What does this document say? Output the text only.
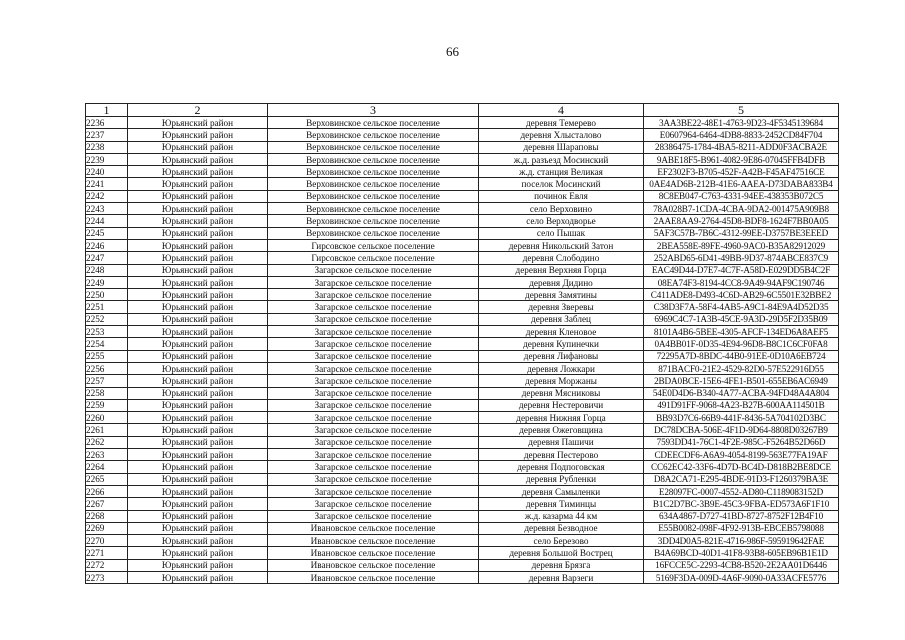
66
1	2	3	4	5
2236	Юрьянский район	Верховинское сельское поселение	деревня Темерево	3AA3BE22-48E1-4763-9D23-4F5345139684
2237	Юрьянский район	Верховинское сельское поселение	деревня Хлысталово	E0607964-6464-4DB8-8833-2452CD84F704
2238	Юрьянский район	Верховинское сельское поселение	деревня Шараповы	28386475-1784-4BA5-8211-ADD0F3ACBA2E
2239	Юрьянский район	Верховинское сельское поселение	ж.д. разъезд Мосинский	9ABE18F5-B961-4082-9E86-07045FFB4DFB
2240	Юрьянский район	Верховинское сельское поселение	ж.д. станция Великая	EF2302F3-B705-452F-A42B-F45AF47516CE
2241	Юрьянский район	Верховинское сельское поселение	поселок Мосинский	0AE4AD6B-212B-41E6-AAEA-D73DABA833B4
2242	Юрьянский район	Верховинское сельское поселение	починок Евля	8C8EB047-C763-4331-94EE-438353B072C5
2243	Юрьянский район	Верховинское сельское поселение	село Верховино	78A028B7-1CDA-4CBA-9DA2-001475A909B8
2244	Юрьянский район	Верховинское сельское поселение	село Верходворье	2AAE8AA9-2764-45D8-BDF8-1624F7BB0A05
2245	Юрьянский район	Верховинское сельское поселение	село Пышак	5AF3C57B-7B6C-4312-99EE-D3757BE3EEED
2246	Юрьянский район	Гирсовское сельское поселение	деревня Никольский Затон	2BEA558E-89FE-4960-9AC0-B35A82912029
2247	Юрьянский район	Гирсовское сельское поселение	деревня Слободино	252ABD65-6D41-49BB-9D37-874ABCE837C9
2248	Юрьянский район	Загарское сельское поселение	деревня Верхняя Горца	EAC49D44-D7E7-4C7F-A58D-E029DD5B4C2F
2249	Юрьянский район	Загарское сельское поселение	деревня Дидино	08EA74F3-8194-4CC8-9A49-94AF9C190746
2250	Юрьянский район	Загарское сельское поселение	деревня Замятины	C411ADE8-D493-4C6D-AB29-6C5501E32BBE2
2251	Юрьянский район	Загарское сельское поселение	деревня Зверевы	C38D3F7A-58F4-4AB5-A9C1-84E9A4D52D35
2252	Юрьянский район	Загарское сельское поселение	деревня Заблец	6969C4C7-1A3B-45CE-9A3D-29D5F2D35B09
2253	Юрьянский район	Загарское сельское поселение	деревня Кленовое	8101A4B6-5BEE-4305-AFCF-134ED6A8AEF5
2254	Юрьянский район	Загарское сельское поселение	деревня Купинечки	0A4BB01F-0D35-4E94-96D8-B8C1C6CF0FA8
2255	Юрьянский район	Загарское сельское поселение	деревня Лифановы	72295A7D-8BDC-44B0-91EE-0D10A6EB724
2256	Юрьянский район	Загарское сельское поселение	деревня Ложкари	871BACF0-21E2-4529-82D0-57E522916D55
2257	Юрьянский район	Загарское сельское поселение	деревня Моржаны	2BDA0BCE-15E6-4FE1-B501-655EB6AC6949
2258	Юрьянский район	Загарское сельское поселение	деревня Мясниковы	54E0D4D6-B340-4A77-ACBA-94FD48A4A804
2259	Юрьянский район	Загарское сельское поселение	деревня Нестеровичи	491D91FF-9068-4A23-B27B-600AA114501B
2260	Юрьянский район	Загарское сельское поселение	деревня Нижняя Горца	BB93D7C6-66B9-441F-8436-5A704102D3BC
2261	Юрьянский район	Загарское сельское поселение	деревня Ожеговщина	DC78DCBA-506E-4F1D-9D64-8808D03267B9
2262	Юрьянский район	Загарское сельское поселение	деревня Пашичи	7593DD41-76C1-4F2E-985C-F5264B52D66D
2263	Юрьянский район	Загарское сельское поселение	деревня Пестерово	CDEECDF6-A6A9-4054-8199-563E77FA19AF
2264	Юрьянский район	Загарское сельское поселение	деревня Подпоговская	CC62EC42-33F6-4D7D-BC4D-D818B2BE8DCE
2265	Юрьянский район	Загарское сельское поселение	деревня Рубленки	D8A2CA71-E295-4BDE-91D3-F1260379BA3E
2266	Юрьянский район	Загарское сельское поселение	деревня Самыленки	E28097FC-0007-4552-AD80-C1189083152D
2267	Юрьянский район	Загарское сельское поселение	деревня Тиминцы	B1C2D7BC-3B9E-45C3-9FBA-ED573A6F1F10
2268	Юрьянский район	Загарское сельское поселение	ж.д. казарма 44 км	634A4867-D727-41BD-8727-8752F12B4F10
2269	Юрьянский район	Ивановское сельское поселение	деревня Безводное	E55B0082-098F-4F92-913B-EBCEB5798088
2270	Юрьянский район	Ивановское сельское поселение	село Березово	3DD4D0A5-821E-4716-986F-595919642FAE
2271	Юрьянский район	Ивановское сельское поселение	деревня Большой Вострец	B4A69BCD-40D1-41F8-93B8-605EB96B1E1D
2272	Юрьянский район	Ивановское сельское поселение	деревня Брязга	16FCCE5C-2293-4CB8-B520-2E2AA01D6446
2273	Юрьянский район	Ивановское сельское поселение	деревня Варзеги	5169F3DA-009D-4A6F-9090-0A33ACFE5776
